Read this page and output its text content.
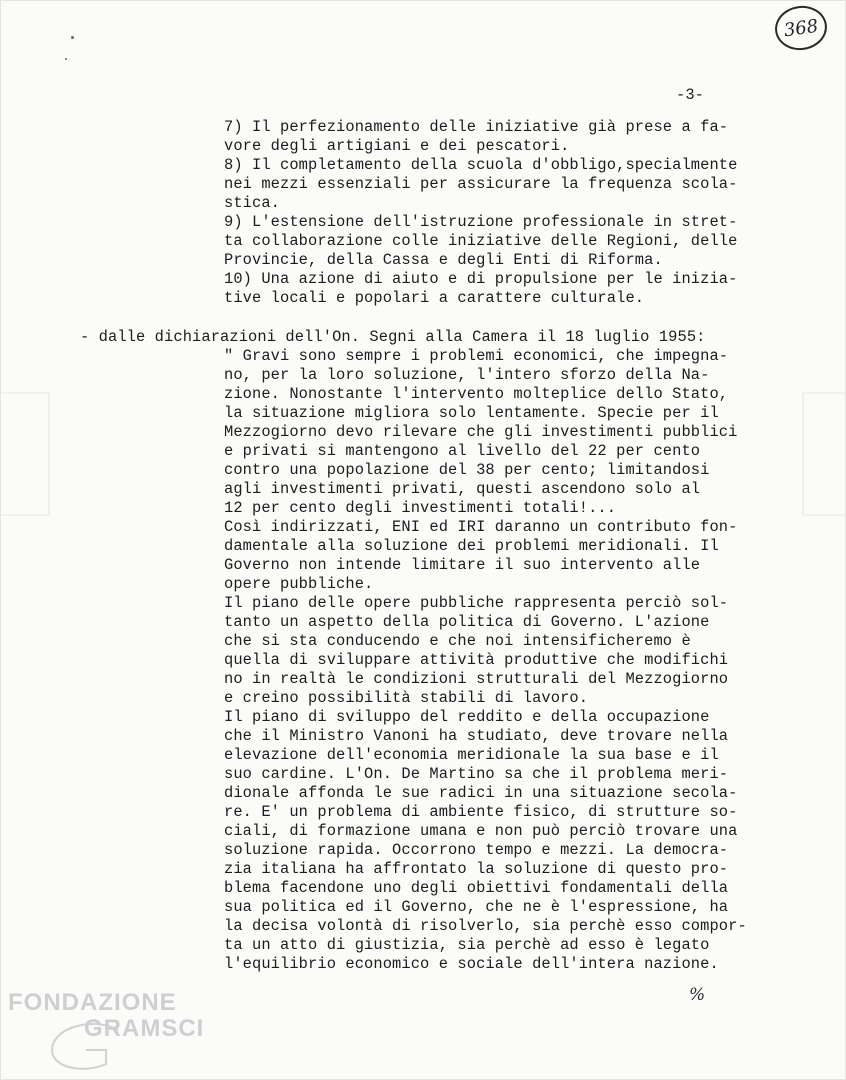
368
-3-

7) Il perfezionamento delle iniziative già prese a fa-

vore degli artigiani e dei pescatori.

8) Il completamento della scuola d'obbligo,specialmente

nei mezzi essenziali per assicurare la frequenza scola-

stica.

9) L'estensione dell'istruzione professionale in stret-

ta collaborazione colle iniziative delle Regioni, delle

Provincie, della Cassa e degli Enti di Riforma.

10) Una azione di aiuto e di propulsione per le inizia-

tive locali e popolari a carattere culturale.

- dalle dichiarazioni dell'On. Segni alla Camera il 18 luglio 1955:

" Gravi sono sempre i problemi economici, che impegna-

no, per la loro soluzione, l'intero sforzo della Na-

zione. Nonostante l'intervento molteplice dello Stato,

la situazione migliora solo lentamente. Specie per il

Mezzogiorno devo rilevare che gli investimenti pubblici

e privati si mantengono al livello del 22 per cento

contro una popolazione del 38 per cento; limitandosi

agli investimenti privati, questi ascendono solo al

12 per cento degli investimenti totali!...

Così indirizzati, ENI ed IRI daranno un contributo fon-

damentale alla soluzione dei problemi meridionali. Il

Governo non intende limitare il suo intervento alle

opere pubbliche.

Il piano delle opere pubbliche rappresenta perciò sol-

tanto un aspetto della politica di Governo. L'azione

che si sta conducendo e che noi intensificheremo è

quella di sviluppare attività produttive che modifichi

no in realtà le condizioni strutturali del Mezzogiorno

e creino possibilità stabili di lavoro.

Il piano di sviluppo del reddito e della occupazione

che il Ministro Vanoni ha studiato, deve trovare nella

elevazione dell'economia meridionale la sua base e il

suo cardine. L'On. De Martino sa che il problema meri-

dionale affonda le sue radici in una situazione secola-

re. E' un problema di ambiente fisico, di strutture so-

ciali, di formazione umana e non può perciò trovare una

soluzione rapida. Occorrono tempo e mezzi. La democra-

zia italiana ha affrontato la soluzione di questo pro-

blema facendone uno degli obiettivi fondamentali della

sua politica ed il Governo, che ne è l'espressione, ha

la decisa volontà di risolverlo, sia perchè esso compor-

ta un atto di giustizia, sia perchè ad esso è legato

l'equilibrio economico e sociale dell'intera nazione.

%
FONDAZIONE
GRAMSCI
